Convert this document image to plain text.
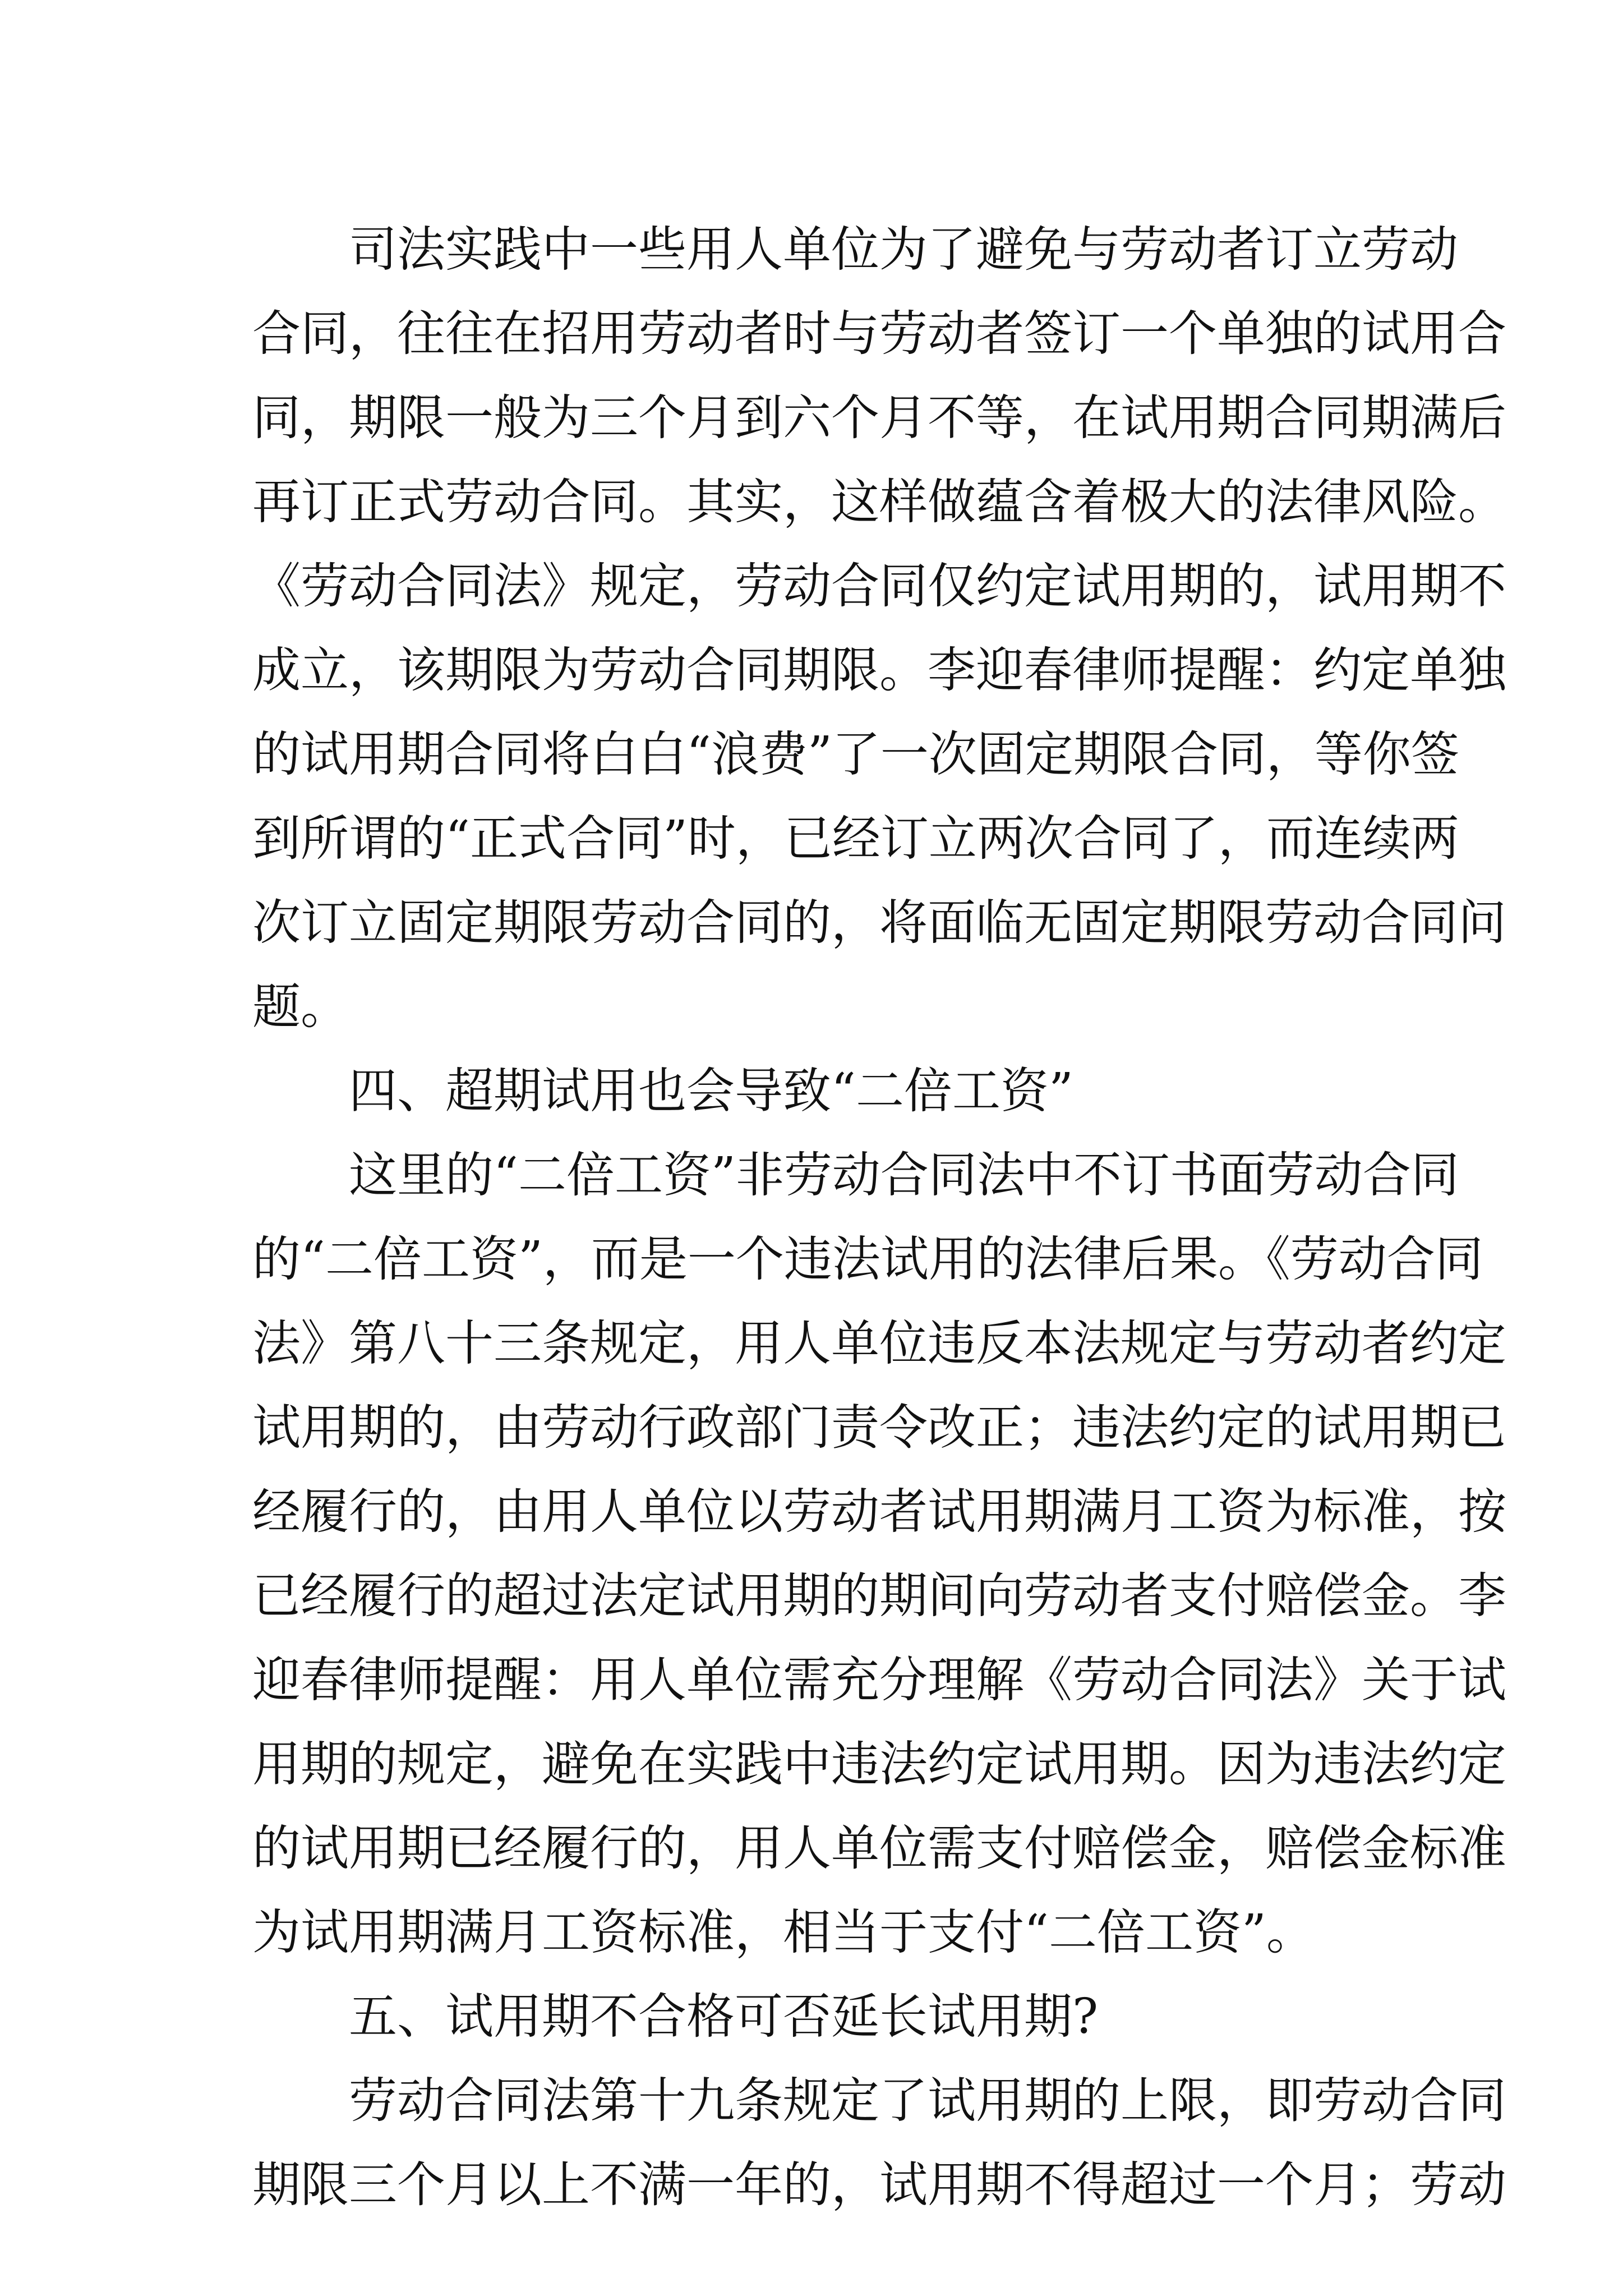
司法实践中一些用人单位为了避免与劳动者订立劳动
合同，往往在招用劳动者时与劳动者签订一个单独的试用合
同，期限一般为三个月到六个月不等，在试用期合同期满后
再订正式劳动合同。其实，这样做蕴含着极大的法律风险。
《劳动合同法》规定，劳动合同仅约定试用期的，试用期不
成立，该期限为劳动合同期限。李迎春律师提醒：约定单独
的试用期合同将白白“浪费”了一次固定期限合同，等你签
到所谓的“正式合同”时，已经订立两次合同了，而连续两
次订立固定期限劳动合同的，将面临无固定期限劳动合同问
题。
四、超期试用也会导致“二倍工资”
这里的“二倍工资”非劳动合同法中不订书面劳动合同
的“二倍工资”，而是一个违法试用的法律后果。《劳动合同
法》第八十三条规定，用人单位违反本法规定与劳动者约定
试用期的，由劳动行政部门责令改正；违法约定的试用期已
经履行的，由用人单位以劳动者试用期满月工资为标准，按
已经履行的超过法定试用期的期间向劳动者支付赔偿金。李
迎春律师提醒：用人单位需充分理解《劳动合同法》关于试
用期的规定，避免在实践中违法约定试用期。因为违法约定
的试用期已经履行的，用人单位需支付赔偿金，赔偿金标准
为试用期满月工资标准，相当于支付“二倍工资”。
五、试用期不合格可否延长试用期?
劳动合同法第十九条规定了试用期的上限，即劳动合同
期限三个月以上不满一年的，试用期不得超过一个月；劳动
